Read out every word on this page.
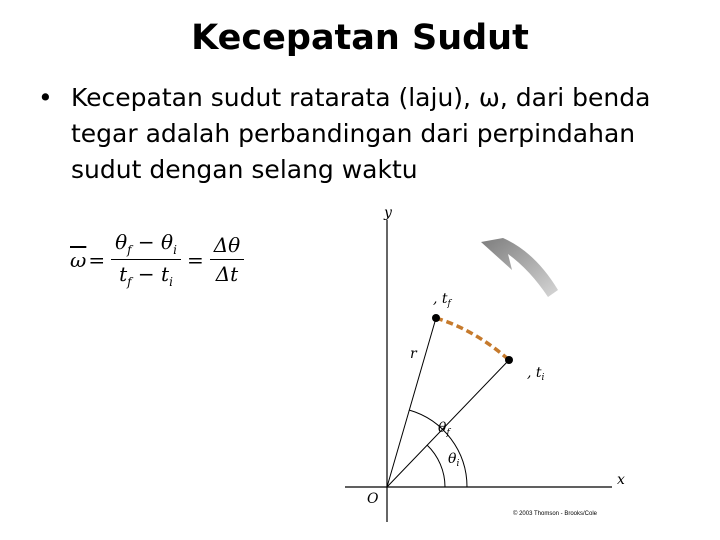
Kecepatan Sudut
• Kecepatan sudut ratarata (laju), ω, dari benda tegar adalah perbandingan dari perpindahan sudut dengan selang waktu
$\overline{\omega} = \frac{\theta_f - \theta_i}{t_f - t_i} = \frac{\Delta\theta}{\Delta t}$
y
x
O
r
$\theta_f$
$\theta_i$
, $t_f$
, $t_i$
© 2003 Thomson - Brooks/Cole
